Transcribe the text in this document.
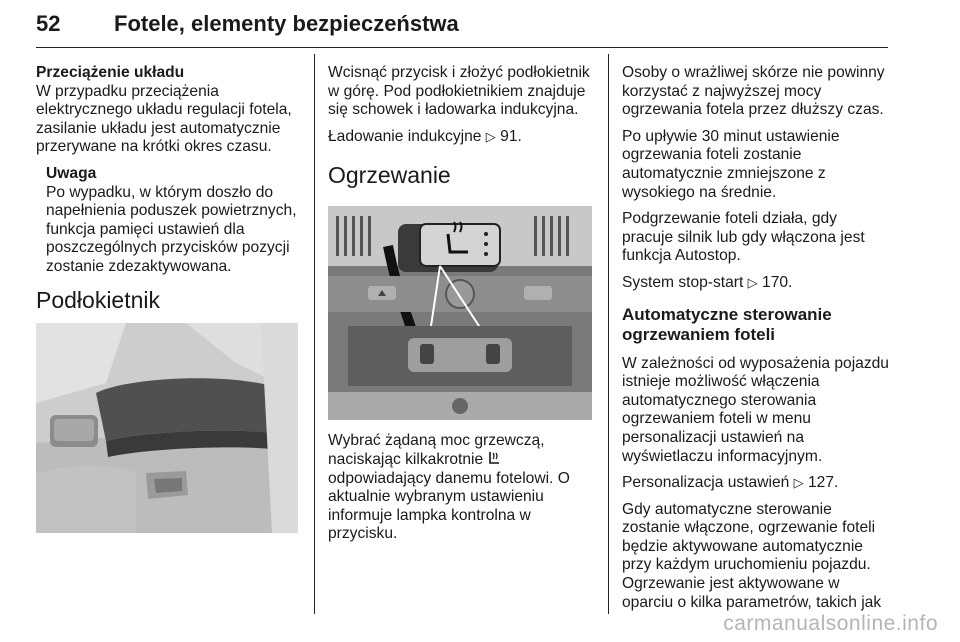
52 Fotele, elementy bezpieczeństwa

Przeciążenie układu

W przypadku przeciążenia elektrycznego układu regulacji fotela, zasilanie układu jest automatycznie przerywane na krótki okres czasu.

Uwaga
Po wypadku, w którym doszło do napełnienia poduszek powietrznych, funkcja pamięci ustawień dla poszczególnych przycisków pozycji zostanie zdezaktywowana.
Podłokietnik

Wcisnąć przycisk i złożyć podłokietnik w górę. Pod podłokietnikiem znajduje się schowek i ładowarka indukcyjna.

Ładowanie indukcyjne ▷ 91.

Ogrzewanie

Wybrać żądaną moc grzewczą, naciskając kilkakrotnie  odpowiadający danemu fotelowi. O aktualnie wybranym ustawieniu informuje lampka kontrolna w przycisku.

Osoby o wrażliwej skórze nie powinny korzystać z najwyższej mocy ogrzewania fotela przez dłuższy czas.

Po upływie 30 minut ustawienie ogrzewania foteli zostanie automatycznie zmniejszone z wysokiego na średnie.

Podgrzewanie foteli działa, gdy pracuje silnik lub gdy włączona jest funkcja Autostop.

System stop-start ▷ 170.

Automatyczne sterowanie ogrzewaniem foteli

W zależności od wyposażenia pojazdu istnieje możliwość włączenia automatycznego sterowania ogrzewaniem foteli w menu personalizacji ustawień na wyświetlaczu informacyjnym.

Personalizacja ustawień ▷ 127.

Gdy automatyczne sterowanie zostanie włączone, ogrzewanie foteli będzie aktywowane automatycznie przy każdym uruchomieniu pojazdu. Ogrzewanie jest aktywowane w oparciu o kilka parametrów, takich jak

carmanualsonline.info
